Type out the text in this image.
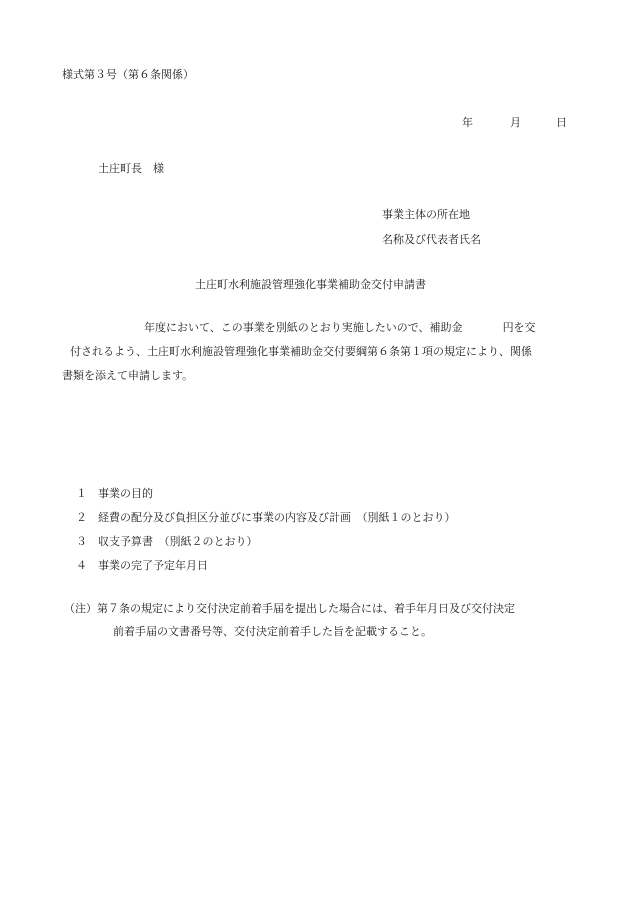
様式第３号（第６条関係）
年	月	日
土庄町長　様
事業主体の所在地
名称及び代表者氏名
土庄町水利施設管理強化事業補助金交付申請書
年度において、この事業を別紙のとおり実施したいので、補助金	円を交
付されるよう、土庄町水利施設管理強化事業補助金交付要綱第６条第１項の規定により、関係
書類を添えて申請します。
１ 事業の目的
２ 経費の配分及び負担区分並びに事業の内容及び計画　（別紙１のとおり）
３ 収支予算書　（別紙２のとおり）
４ 事業の完了予定年月日
（注）第７条の規定により交付決定前着手届を提出した場合には、着手年月日及び交付決定
前着手届の文書番号等、交付決定前着手した旨を記載すること。
